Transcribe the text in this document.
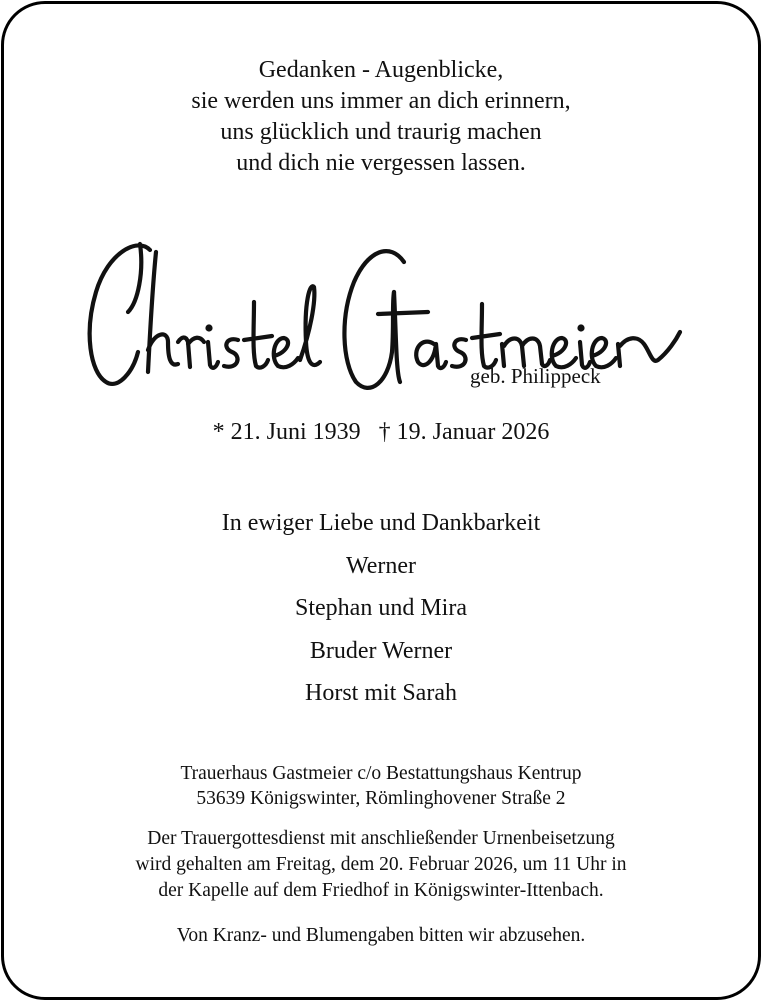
Gedanken - Augenblicke,
sie werden uns immer an dich erinnern,
uns glücklich und traurig machen
und dich nie vergessen lassen.
geb. Philippeck
* 21. Juni 1939   † 19. Januar 2026
In ewiger Liebe und Dankbarkeit
Werner
Stephan und Mira
Bruder Werner
Horst mit Sarah
Trauerhaus Gastmeier c/o Bestattungshaus Kentrup
53639 Königswinter, Römlinghovener Straße 2
Der Trauergottesdienst mit anschließender Urnenbeisetzung
wird gehalten am Freitag, dem 20. Februar 2026, um 11 Uhr in
der Kapelle auf dem Friedhof in Königswinter-Ittenbach.
Von Kranz- und Blumengaben bitten wir abzusehen.
